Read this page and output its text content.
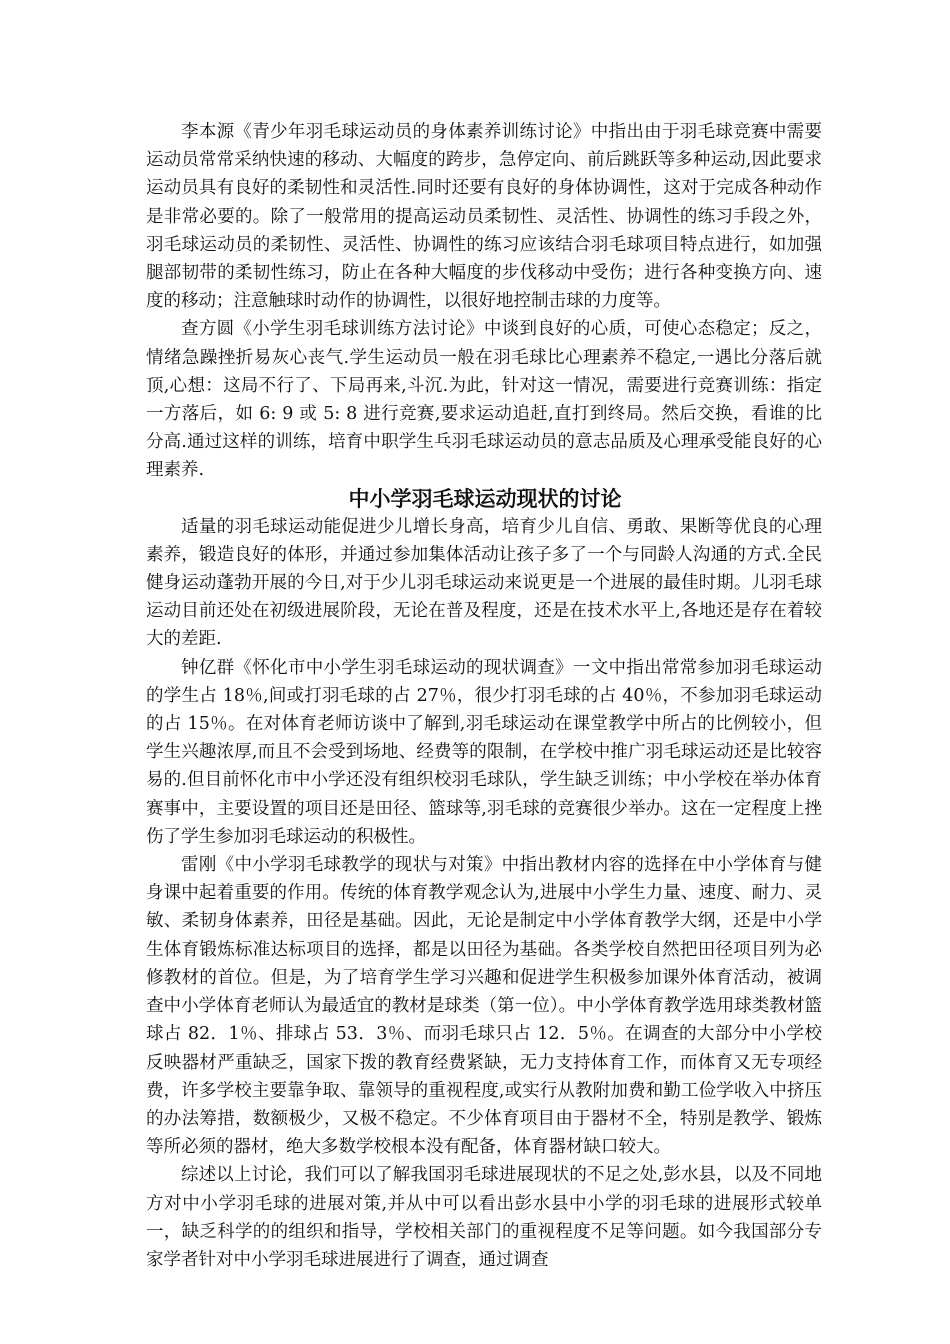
李本源《青少年羽毛球运动员的身体素养训练讨论》中指出由于羽毛球竞赛中需要运动员常常采纳快速的移动、大幅度的跨步，急停定向、前后跳跃等多种运动,因此要求运动员具有良好的柔韧性和灵活性.同时还要有良好的身体协调性，这对于完成各种动作是非常必要的。除了一般常用的提高运动员柔韧性、灵活性、协调性的练习手段之外，羽毛球运动员的柔韧性、灵活性、协调性的练习应该结合羽毛球项目特点进行，如加强腿部韧带的柔韧性练习，防止在各种大幅度的步伐移动中受伤；进行各种变换方向、速度的移动；注意触球时动作的协调性，以很好地控制击球的力度等。

查方圆《小学生羽毛球训练方法讨论》中谈到良好的心质，可使心态稳定；反之，情绪急躁挫折易灰心丧气.学生运动员一般在羽毛球比心理素养不稳定,一遇比分落后就顶,心想：这局不行了、下局再来,斗沉.为此，针对这一情况，需要进行竞赛训练：指定一方落后，如 6: 9 或 5: 8 进行竞赛,要求运动追赶,直打到终局。然后交换，看谁的比分高.通过这样的训练，培育中职学生乓羽毛球运动员的意志品质及心理承受能良好的心理素养.

中小学羽毛球运动现状的讨论

适量的羽毛球运动能促进少儿增长身高，培育少儿自信、勇敢、果断等优良的心理素养，锻造良好的体形，并通过参加集体活动让孩子多了一个与同龄人沟通的方式.全民健身运动蓬勃开展的今日,对于少儿羽毛球运动来说更是一个进展的最佳时期。儿羽毛球运动目前还处在初级进展阶段，无论在普及程度，还是在技术水平上,各地还是存在着较大的差距.

钟亿群《怀化市中小学生羽毛球运动的现状调查》一文中指出常常参加羽毛球运动的学生占 18％,间或打羽毛球的占 27％，很少打羽毛球的占 40％，不参加羽毛球运动的占 15％。在对体育老师访谈中了解到,羽毛球运动在课堂教学中所占的比例较小，但学生兴趣浓厚,而且不会受到场地、经费等的限制，在学校中推广羽毛球运动还是比较容易的.但目前怀化市中小学还没有组织校羽毛球队，学生缺乏训练；中小学校在举办体育赛事中，主要设置的项目还是田径、篮球等,羽毛球的竞赛很少举办。这在一定程度上挫伤了学生参加羽毛球运动的积极性。

雷刚《中小学羽毛球教学的现状与对策》中指出教材内容的选择在中小学体育与健身课中起着重要的作用。传统的体育教学观念认为,进展中小学生力量、速度、耐力、灵敏、柔韧身体素养，田径是基础。因此，无论是制定中小学体育教学大纲，还是中小学生体育锻炼标准达标项目的选择，都是以田径为基础。各类学校自然把田径项目列为必修教材的首位。但是，为了培育学生学习兴趣和促进学生积极参加课外体育活动，被调查中小学体育老师认为最适宜的教材是球类（第一位）。中小学体育教学选用球类教材篮球占 82．1％、排球占 53．3％、而羽毛球只占 12．5％。在调查的大部分中小学校反映器材严重缺乏，国家下拨的教育经费紧缺，无力支持体育工作，而体育又无专项经费，许多学校主要靠争取、靠领导的重视程度,或实行从教附加费和勤工俭学收入中挤压的办法筹措，数额极少，又极不稳定。不少体育项目由于器材不全，特别是教学、锻炼等所必须的器材，绝大多数学校根本没有配备，体育器材缺口较大。

综述以上讨论，我们可以了解我国羽毛球进展现状的不足之处,彭水县，以及不同地方对中小学羽毛球的进展对策,并从中可以看出彭水县中小学的羽毛球的进展形式较单一，缺乏科学的的组织和指导，学校相关部门的重视程度不足等问题。如今我国部分专家学者针对中小学羽毛球进展进行了调查，通过调查
